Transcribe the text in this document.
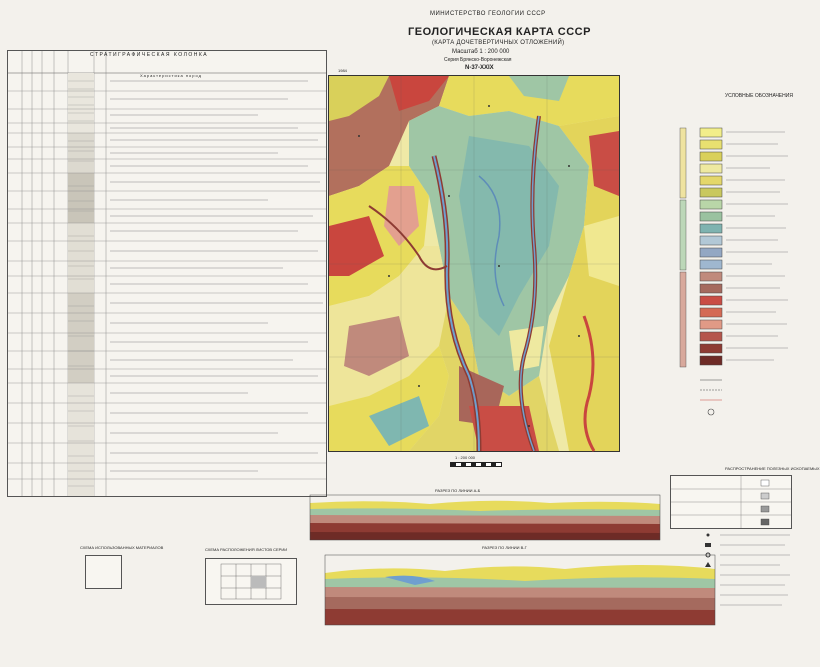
МИНИСТЕРСТВО ГЕОЛОГИИ СССР
ГЕОЛОГИЧЕСКАЯ КАРТА СССР
(КАРТА ДОЧЕТВЕРТИЧНЫХ ОТЛОЖЕНИЙ)
Масштаб 1 : 200 000
Серия Брянско-Воронежская
N-37-XXIX
СТРАТИГРАФИЧЕСКАЯ КОЛОНКА
Характеристика пород
1984
УСЛОВНЫЕ ОБОЗНАЧЕНИЯ
1 : 200 000
РАЗРЕЗ ПО ЛИНИИ А-Б
РАЗРЕЗ ПО ЛИНИИ В-Г
РАСПРОСТРАНЕНИЕ ПОЛЕЗНЫХ ИСКОПАЕМЫХ
СХЕМА ИСПОЛЬЗОВАННЫХ МАТЕРИАЛОВ	СХЕМА РАСПОЛОЖЕНИЯ ЛИСТОВ СЕРИИ
